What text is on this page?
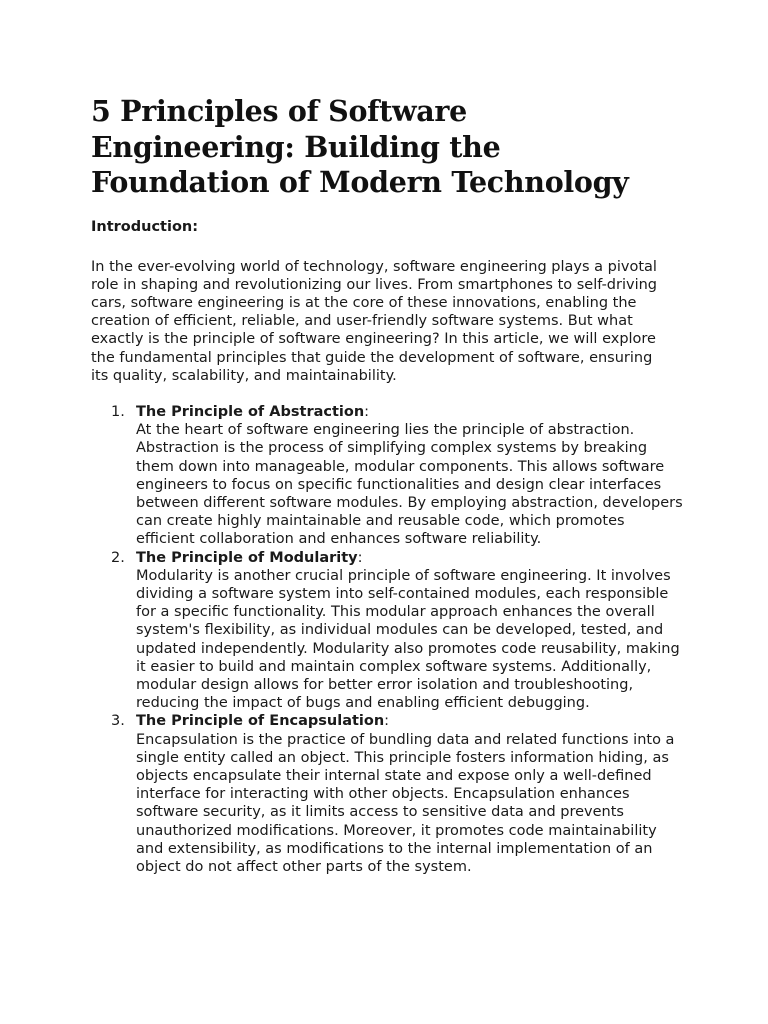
5 Principles of Software Engineering: Building the Foundation of Modern Technology
Introduction:

In the ever-evolving world of technology, software engineering plays a pivotal role in shaping and revolutionizing our lives. From smartphones to self-driving cars, software engineering is at the core of these innovations, enabling the creation of efficient, reliable, and user-friendly software systems. But what exactly is the principle of software engineering? In this article, we will explore the fundamental principles that guide the development of software, ensuring its quality, scalability, and maintainability.

1. The Principle of Abstraction:
At the heart of software engineering lies the principle of abstraction. Abstraction is the process of simplifying complex systems by breaking them down into manageable, modular components. This allows software engineers to focus on specific functionalities and design clear interfaces between different software modules. By employing abstraction, developers can create highly maintainable and reusable code, which promotes efficient collaboration and enhances software reliability.
2. The Principle of Modularity:
Modularity is another crucial principle of software engineering. It involves dividing a software system into self-contained modules, each responsible for a specific functionality. This modular approach enhances the overall system's flexibility, as individual modules can be developed, tested, and updated independently. Modularity also promotes code reusability, making it easier to build and maintain complex software systems. Additionally, modular design allows for better error isolation and troubleshooting, reducing the impact of bugs and enabling efficient debugging.
3. The Principle of Encapsulation:
Encapsulation is the practice of bundling data and related functions into a single entity called an object. This principle fosters information hiding, as objects encapsulate their internal state and expose only a well-defined interface for interacting with other objects. Encapsulation enhances software security, as it limits access to sensitive data and prevents unauthorized modifications. Moreover, it promotes code maintainability and extensibility, as modifications to the internal implementation of an object do not affect other parts of the system.
